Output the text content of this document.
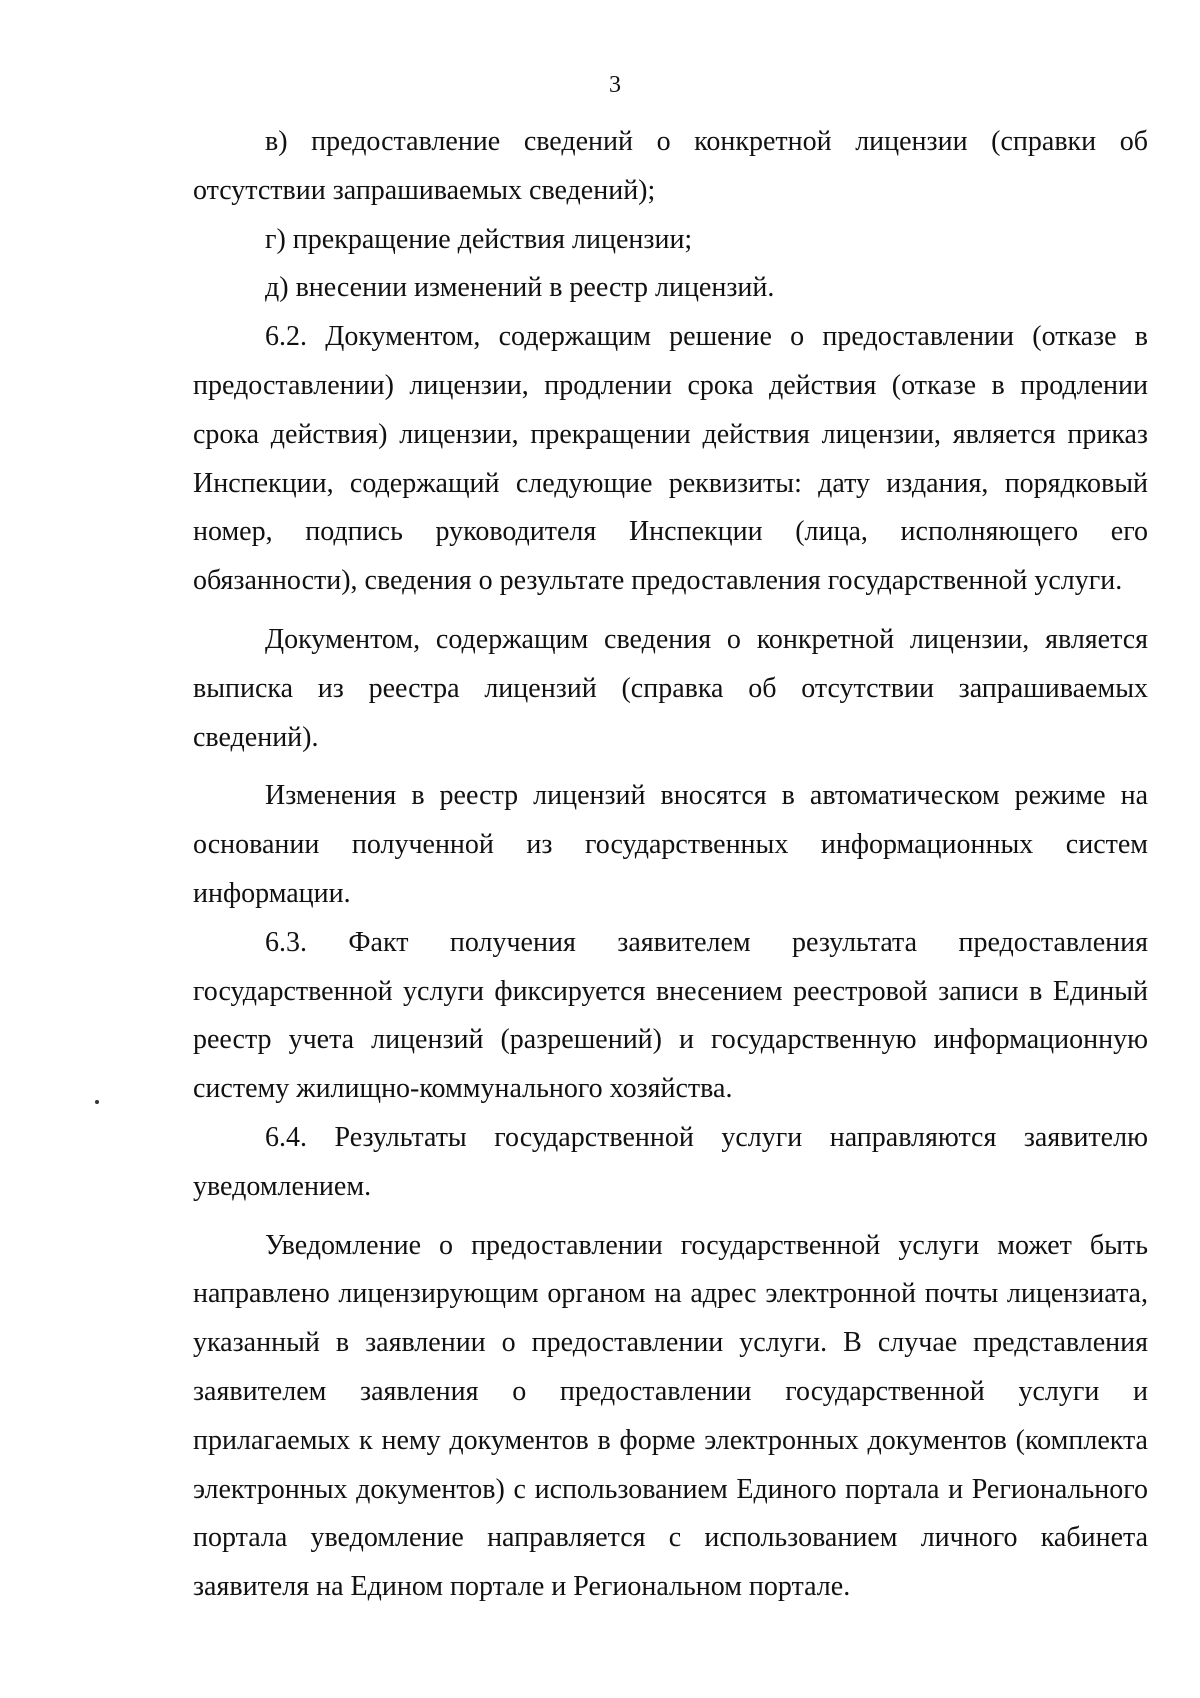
3

в) предоставление сведений о конкретной лицензии (справки об отсутствии запрашиваемых сведений);

г) прекращение действия лицензии;

д) внесении изменений в реестр лицензий.

6.2. Документом, содержащим решение о предоставлении (отказе в предоставлении) лицензии, продлении срока действия (отказе в продлении срока действия) лицензии, прекращении действия лицензии, является приказ Инспекции, содержащий следующие реквизиты: дату издания, порядковый номер, подпись руководителя Инспекции (лица, исполняющего его обязанности), сведения о результате предоставления государственной услуги.

Документом, содержащим сведения о конкретной лицензии, является выписка из реестра лицензий (справка об отсутствии запрашиваемых сведений).

Изменения в реестр лицензий вносятся в автоматическом режиме на основании полученной из государственных информационных систем информации.

6.3. Факт получения заявителем результата предоставления государственной услуги фиксируется внесением реестровой записи в Единый реестр учета лицензий (разрешений) и государственную информационную систему жилищно-коммунального хозяйства.

6.4. Результаты государственной услуги направляются заявителю уведомлением.

Уведомление о предоставлении государственной услуги может быть направлено лицензирующим органом на адрес электронной почты лицензиата, указанный в заявлении о предоставлении услуги. В случае представления заявителем заявления о предоставлении государственной услуги и прилагаемых к нему документов в форме электронных документов (комплекта электронных документов) с использованием Единого портала и Регионального портала уведомление направляется с использованием личного кабинета заявителя на Едином портале и Региональном портале.
